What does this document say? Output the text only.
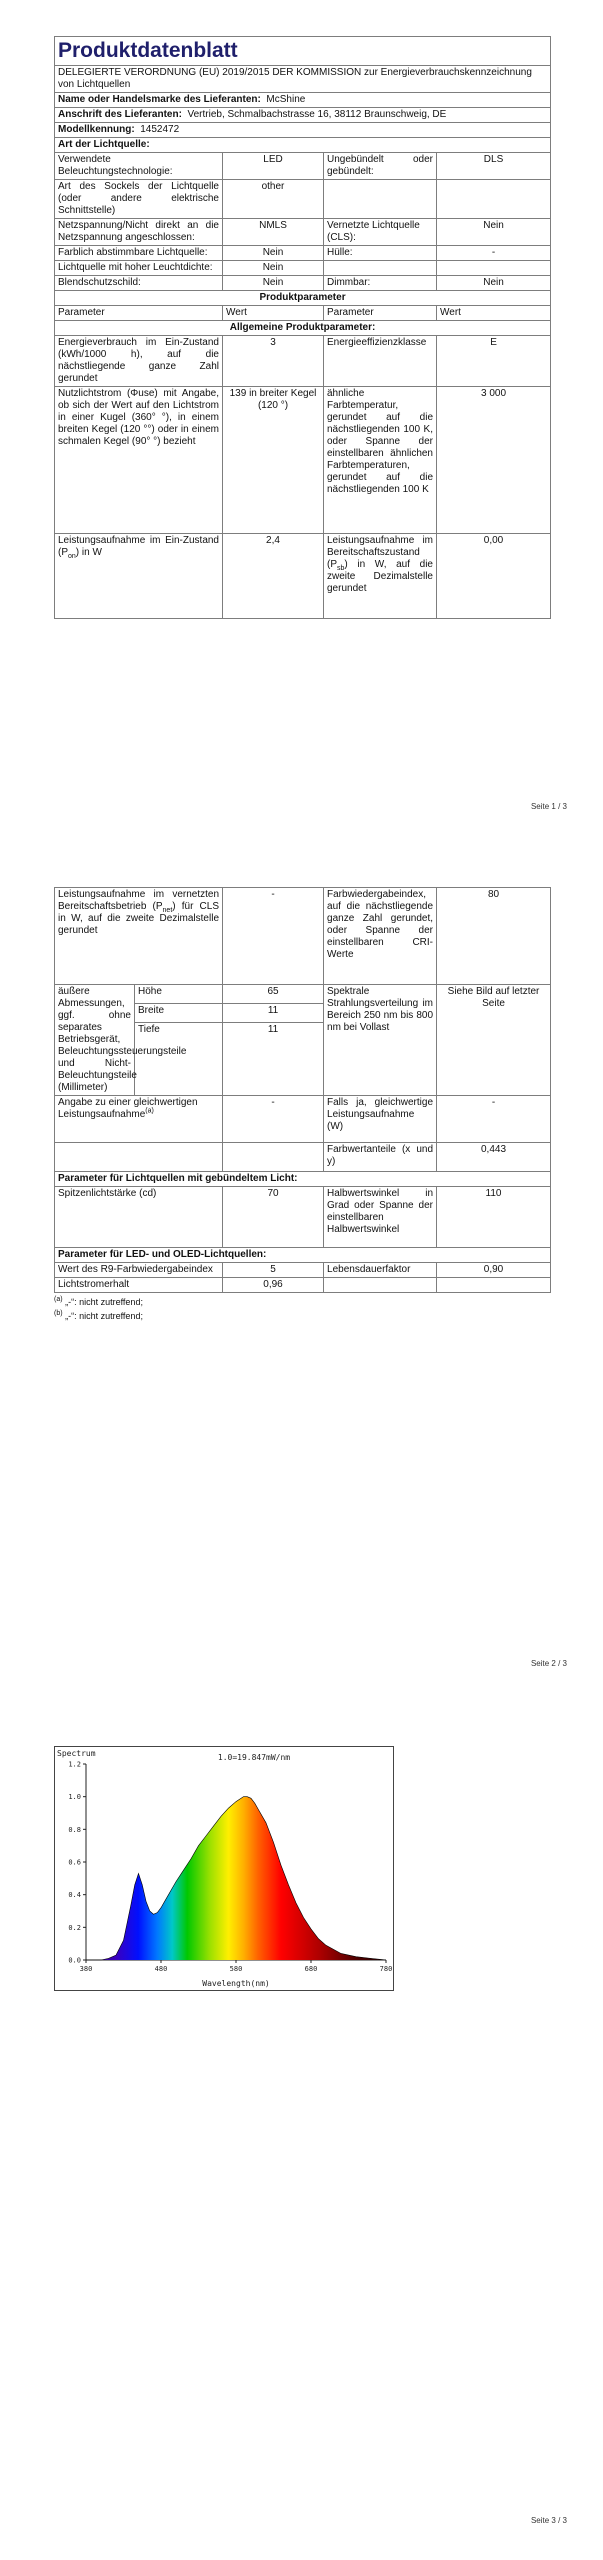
Produktdatenblatt			
DELEGIERTE VERORDNUNG (EU) 2019/2015 DER KOMMISSION zur Energieverbrauchskennzeichnung von Lichtquellen			
Name oder Handelsmarke des Lieferanten: McShine			
Anschrift des Lieferanten: Vertrieb, Schmalbachstrasse 16, 38112 Braunschweig, DE			
Modellkennung: 1452472			
Art der Lichtquelle:			
Verwendete Beleuchtungstechnologie:	LED	Ungebündelt oder gebündelt:	DLS
Art des Sockels der Lichtquelle (oder andere elektrische Schnittstelle)	other		
Netzspannung/Nicht direkt an die Netzspannung angeschlossen:	NMLS	Vernetzte Lichtquelle (CLS):	Nein
Farblich abstimmbare Lichtquelle:	Nein	Hülle:	-
Lichtquelle mit hoher Leuchtdichte:	Nein		
Blendschutzschild:	Nein	Dimmbar:	Nein
Produktparameter			
Parameter	Wert	Parameter	Wert
Allgemeine Produktparameter:			
Energieverbrauch im Ein-Zustand (kWh/1000 h), auf die nächstliegende ganze Zahl gerundet	3	Energieeffizienzklasse	E
Nutzlichtstrom (Φuse) mit Angabe, ob sich der Wert auf den Lichtstrom in einer Kugel (360° °), in einem breiten Kegel (120 °°) oder in einem schmalen Kegel (90° °) bezieht	139 in breiter Kegel (120 °)	ähnliche Farbtemperatur, gerundet auf die nächstliegenden 100 K, oder Spanne der einstellbaren ähnlichen Farbtemperaturen, gerundet auf die nächstliegenden 100 K	3 000
Leistungsaufnahme im Ein-Zustand $(P_{on})$ in W	2,4	Leistungsaufnahme im Bereitschaftszustand $(P_{sb})$ in W, auf die zweite Dezimalstelle gerundet	0,00
Seite 1 / 3
Leistungsaufnahme im vernetzten Bereitschaftsbetrieb $(P_{net})$ für CLS in W, auf die zweite Dezimalstelle gerundet		-	Farbwiedergabeindex, auf die nächstliegende ganze Zahl gerundet, oder Spanne der einstellbaren CRI-Werte	80
äußere Abmessungen, ggf. ohne separates Betriebsgerät, Beleuchtungssteuerungsteile und Nicht-Beleuchtungsteile (Millimeter)	Höhe	65	Spektrale Strahlungsverteilung im Bereich 250 nm bis 800 nm bei Vollast	Siehe Bild auf letzter Seite
	Breite	11		
	Tiefe	11		
Angabe zu einer gleichwertigen Leistungsaufnahme$^{(a)}$		-	Falls ja, gleichwertige Leistungsaufnahme (W)	-
			Farbwertanteile (x und y)	0,443
Parameter für Lichtquellen mit gebündeltem Licht:				
Spitzenlichtstärke (cd)		70	Halbwertswinkel in Grad oder Spanne der einstellbaren Halbwertswinkel	110
Parameter für LED- und OLED-Lichtquellen:				
Wert des R9-Farbwiedergabeindex		5	Lebensdauerfaktor	0,90
Lichtstromerhalt		0,96		
$^{(a)}$ „-“: nicht zutreffend;
$^{(b)}$ „-“: nicht zutreffend;
Seite 2 / 3
Spectrum	1.0=19.847mW/nm
380	480	580	680	780
0.0
0.2
0.4
0.6
0.8
1.0
1.2
Wavelength(nm)
Seite 3 / 3
